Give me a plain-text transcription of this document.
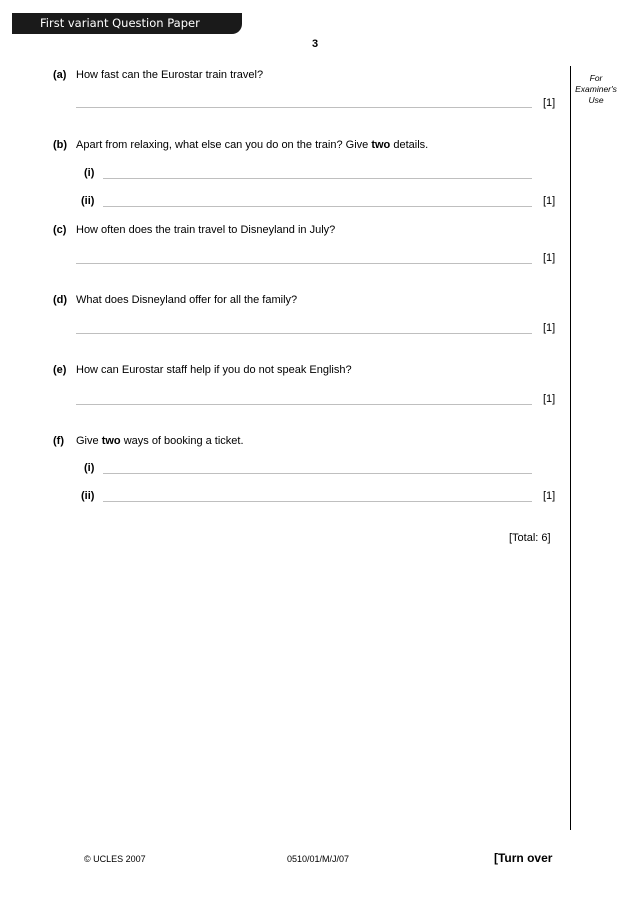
First variant Question Paper
3
For
Examiner's
Use
(a) How fast can the Eurostar train travel?
[1]
(b) Apart from relaxing, what else can you do on the train? Give two details.
(i)
(ii)	[1]
(c) How often does the train travel to Disneyland in July?
[1]
(d) What does Disneyland offer for all the family?
[1]
(e) How can Eurostar staff help if you do not speak English?
[1]
(f) Give two ways of booking a ticket.
(i)
(ii)	[1]
[Total: 6]
© UCLES 2007	0510/01/M/J/07	[Turn over
